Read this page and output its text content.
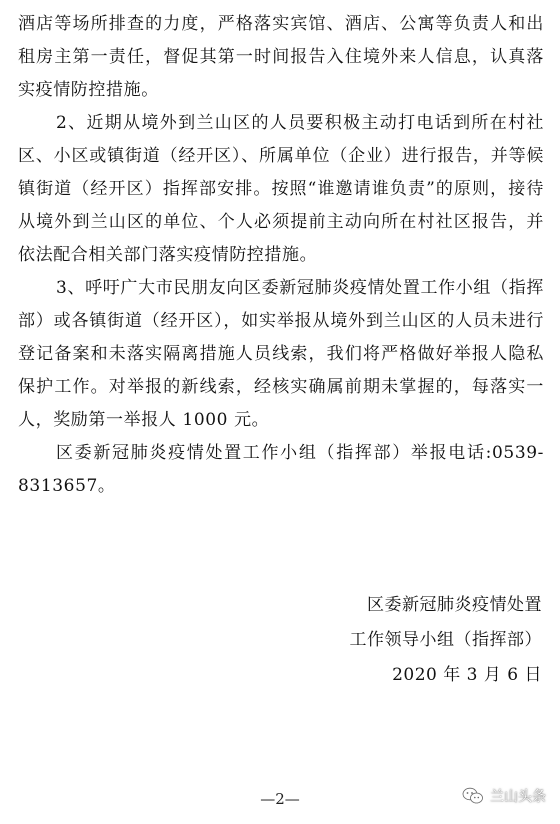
酒店等场所排查的力度，严格落实宾馆、酒店、公寓等负责人和出租房主第一责任，督促其第一时间报告入住境外来人信息，认真落实疫情防控措施。

2、近期从境外到兰山区的人员要积极主动打电话到所在村社区、小区或镇街道（经开区）、所属单位（企业）进行报告，并等候镇街道（经开区）指挥部安排。按照“谁邀请谁负责”的原则，接待从境外到兰山区的单位、个人必须提前主动向所在村社区报告，并依法配合相关部门落实疫情防控措施。

3、呼吁广大市民朋友向区委新冠肺炎疫情处置工作小组（指挥部）或各镇街道（经开区），如实举报从境外到兰山区的人员未进行登记备案和未落实隔离措施人员线索，我们将严格做好举报人隐私保护工作。对举报的新线索，经核实确属前期未掌握的，每落实一人，奖励第一举报人 1000 元。

区委新冠肺炎疫情处置工作小组（指挥部）举报电话:0539-8313657。

区委新冠肺炎疫情处置
工作领导小组（指挥部）
2020 年 3 月 6 日
—2—	兰山头条
